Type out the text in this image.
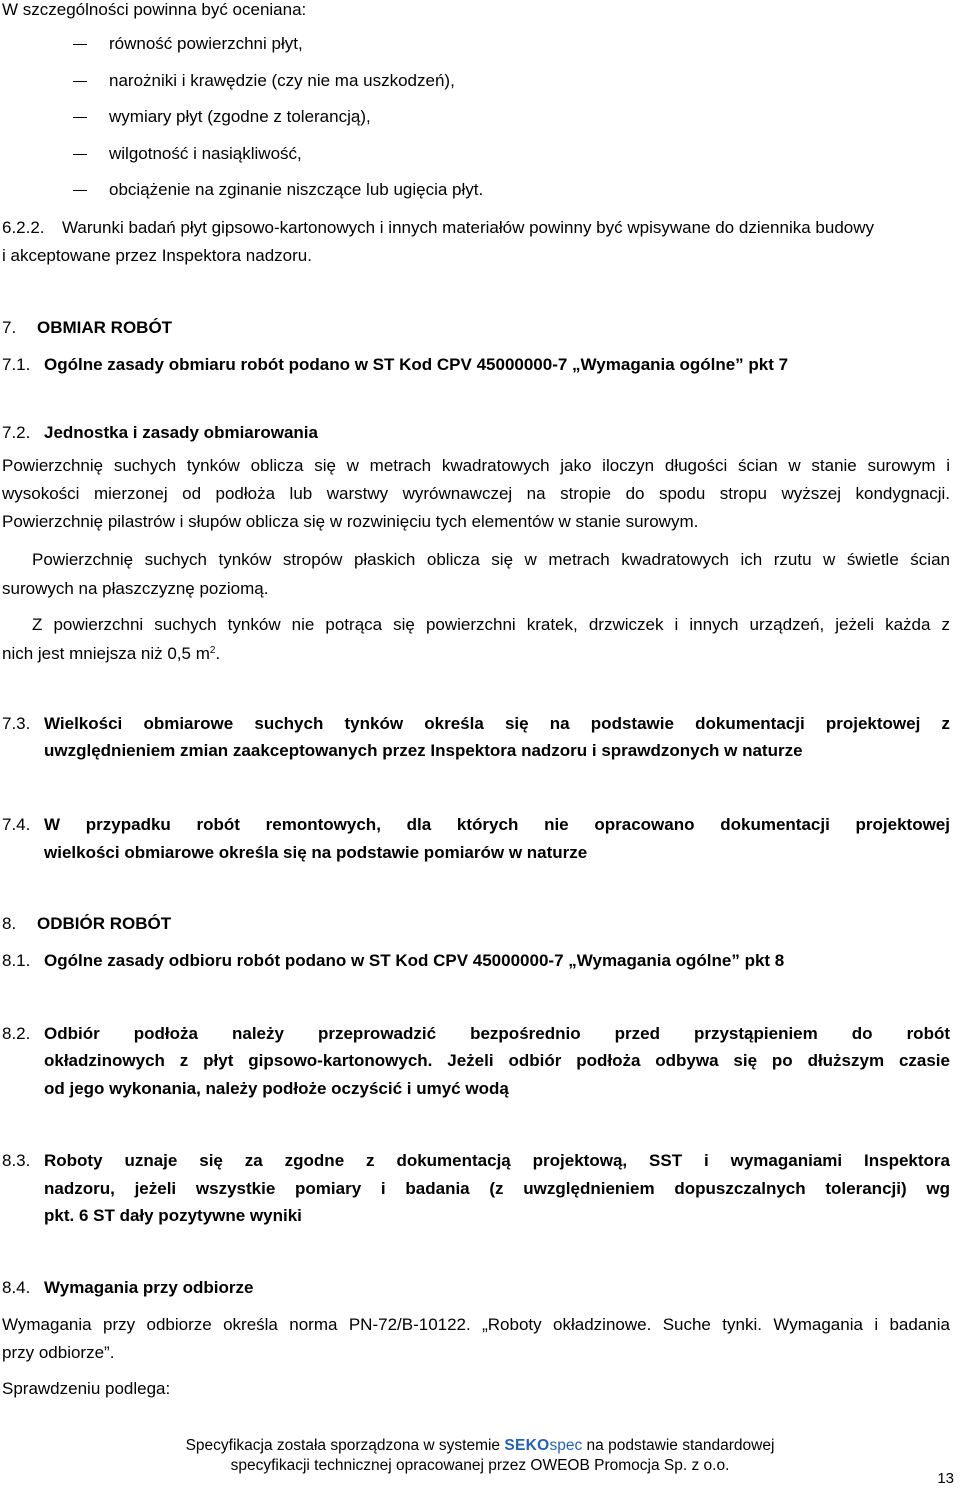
W szczególności powinna być oceniana:
równość powierzchni płyt,
narożniki i krawędzie (czy nie ma uszkodzeń),
wymiary płyt (zgodne z tolerancją),
wilgotność i nasiąkliwość,
obciążenie na zginanie niszczące lub ugięcia płyt.
6.2.2. Warunki badań płyt gipsowo-kartonowych i innych materiałów powinny być wpisywane do dziennika budowy
i akceptowane przez Inspektora nadzoru.
7. OBMIAR ROBÓT
7.1. Ogólne zasady obmiaru robót podano w ST Kod CPV 45000000-7 „Wymagania ogólne” pkt 7
7.2. Jednostka i zasady obmiarowania
Powierzchnię suchych tynków oblicza się w metrach kwadratowych jako iloczyn długości ścian w stanie surowym i
wysokości mierzonej od podłoża lub warstwy wyrównawczej na stropie do spodu stropu wyższej kondygnacji.
Powierzchnię pilastrów i słupów oblicza się w rozwinięciu tych elementów w stanie surowym.
Powierzchnię suchych tynków stropów płaskich oblicza się w metrach kwadratowych ich rzutu w świetle ścian
surowych na płaszczyznę poziomą.
Z powierzchni suchych tynków nie potrąca się powierzchni kratek, drzwiczek i innych urządzeń, jeżeli każda z
nich jest mniejsza niż 0,5 $m^2$.
7.3. Wielkości obmiarowe suchych tynków określa się na podstawie dokumentacji projektowej z
uwzględnieniem zmian zaakceptowanych przez Inspektora nadzoru i sprawdzonych w naturze
7.4. W przypadku robót remontowych, dla których nie opracowano dokumentacji projektowej
wielkości obmiarowe określa się na podstawie pomiarów w naturze
8. ODBIÓR ROBÓT
8.1. Ogólne zasady odbioru robót podano w ST Kod CPV 45000000-7 „Wymagania ogólne” pkt 8
8.2. Odbiór podłoża należy przeprowadzić bezpośrednio przed przystąpieniem do robót
okładzinowych z płyt gipsowo-kartonowych. Jeżeli odbiór podłoża odbywa się po dłuższym czasie
od jego wykonania, należy podłoże oczyścić i umyć wodą
8.3. Roboty uznaje się za zgodne z dokumentacją projektową, SST i wymaganiami Inspektora
nadzoru, jeżeli wszystkie pomiary i badania (z uwzględnieniem dopuszczalnych tolerancji) wg
pkt. 6 ST dały pozytywne wyniki
8.4. Wymagania przy odbiorze
Wymagania przy odbiorze określa norma PN-72/B-10122. „Roboty okładzinowe. Suche tynki. Wymagania i badania
przy odbiorze”.
Sprawdzeniu podlega:
Specyfikacja została sporządzona w systemie SEKOspec na podstawie standardowej
specyfikacji technicznej opracowanej przez OWEOB Promocja Sp. z o.o.
13
